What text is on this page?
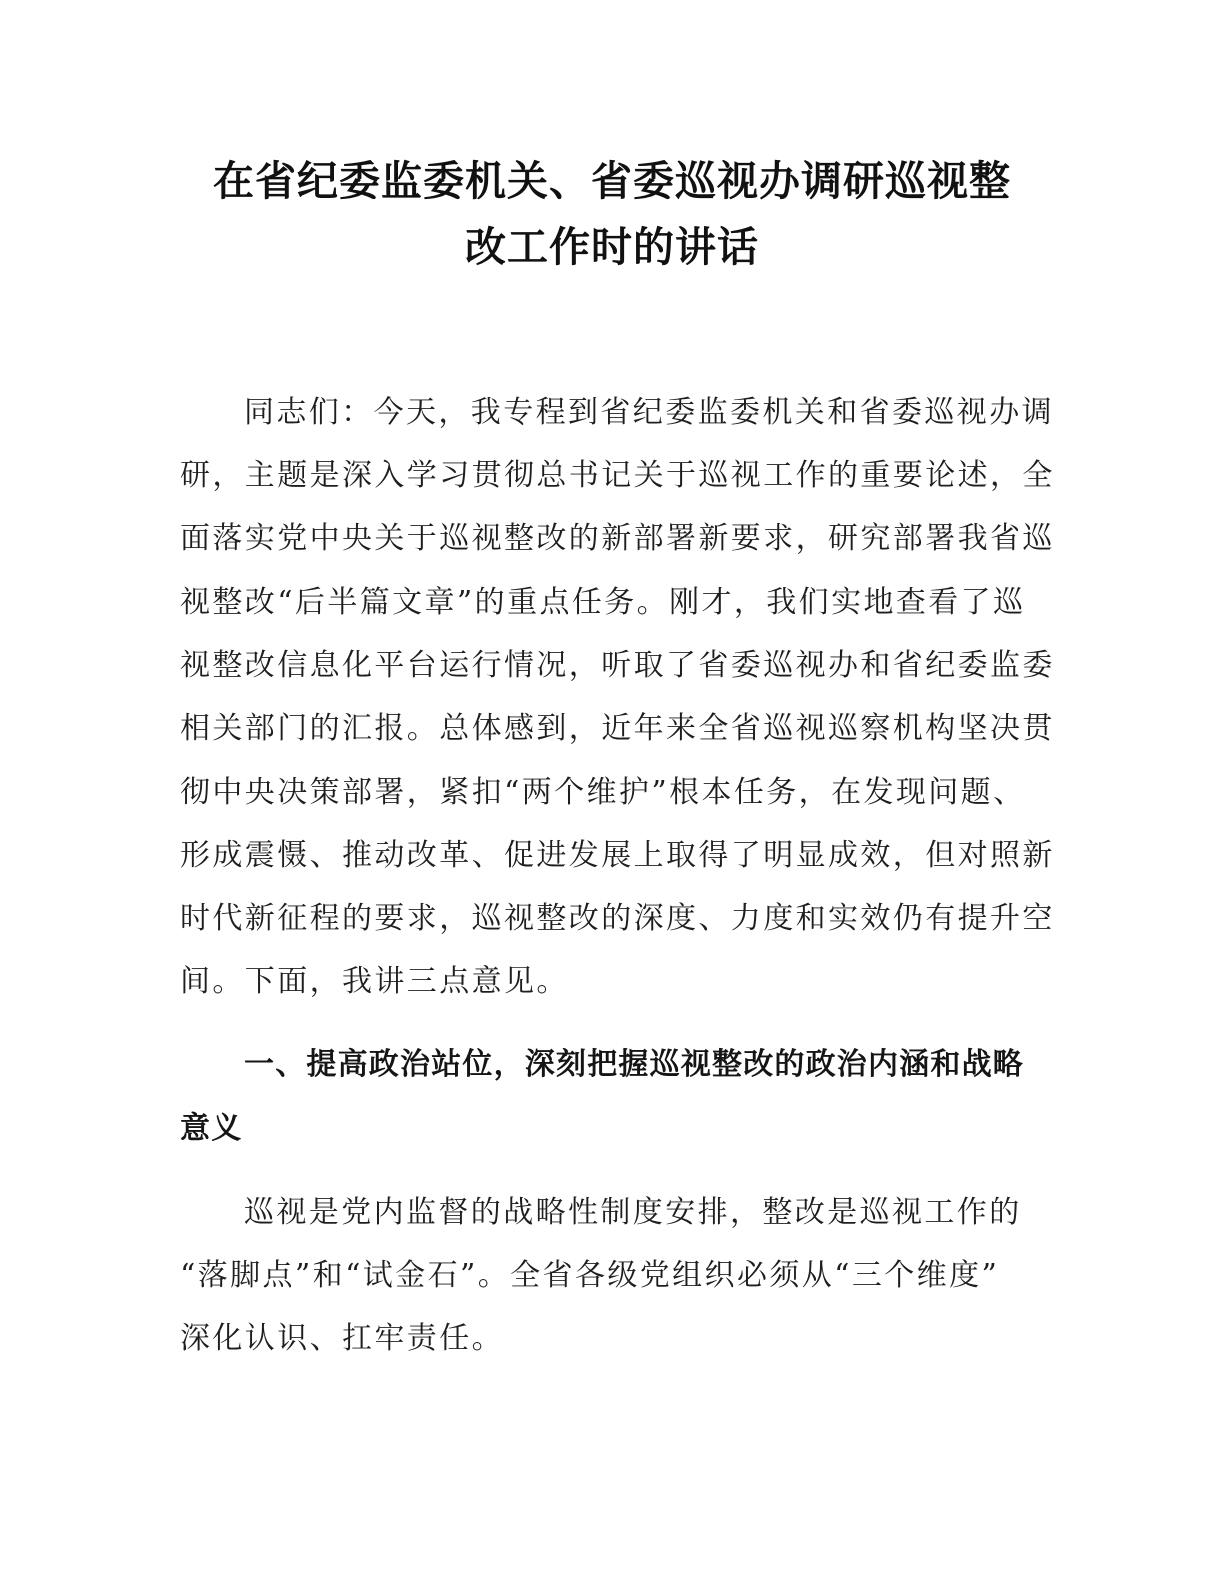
在省纪委监委机关、省委巡视办调研巡视整
改工作时的讲话
同志们：今天，我专程到省纪委监委机关和省委巡视办调
研，主题是深入学习贯彻总书记关于巡视工作的重要论述，全
面落实党中央关于巡视整改的新部署新要求，研究部署我省巡
视整改“后半篇文章”的重点任务。刚才，我们实地查看了巡
视整改信息化平台运行情况，听取了省委巡视办和省纪委监委
相关部门的汇报。总体感到，近年来全省巡视巡察机构坚决贯
彻中央决策部署，紧扣“两个维护”根本任务，在发现问题、
形成震慑、推动改革、促进发展上取得了明显成效，但对照新
时代新征程的要求，巡视整改的深度、力度和实效仍有提升空
间。下面，我讲三点意见。
一、提高政治站位，深刻把握巡视整改的政治内涵和战略
意义
巡视是党内监督的战略性制度安排，整改是巡视工作的
“落脚点”和“试金石”。全省各级党组织必须从“三个维度”
深化认识、扛牢责任。
